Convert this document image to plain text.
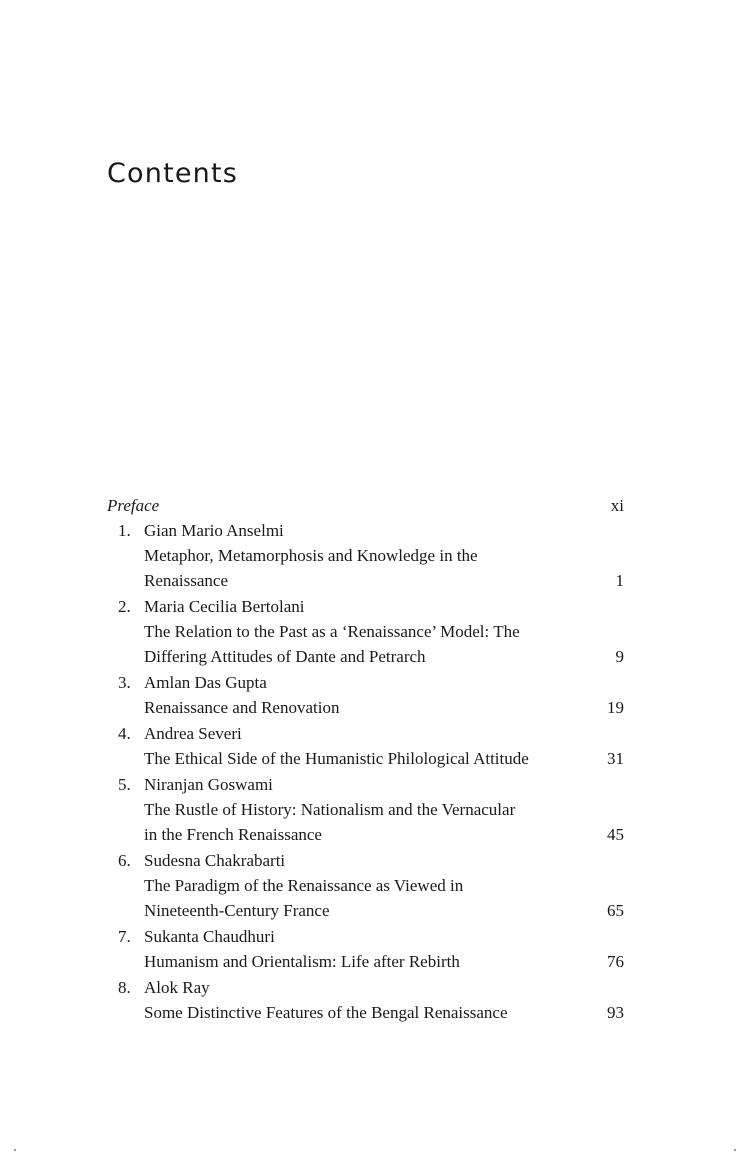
Contents
Preface	xi
1. Gian Mario Anselmi
Metaphor, Metamorphosis and Knowledge in the
Renaissance	1
2. Maria Cecilia Bertolani
The Relation to the Past as a ‘Renaissance’ Model: The
Differing Attitudes of Dante and Petrarch	9
3. Amlan Das Gupta
Renaissance and Renovation	19
4. Andrea Severi
The Ethical Side of the Humanistic Philological Attitude	31
5. Niranjan Goswami
The Rustle of History: Nationalism and the Vernacular
in the French Renaissance	45
6. Sudesna Chakrabarti
The Paradigm of the Renaissance as Viewed in
Nineteenth-Century France	65
7. Sukanta Chaudhuri
Humanism and Orientalism: Life after Rebirth	76
8. Alok Ray
Some Distinctive Features of the Bengal Renaissance	93
